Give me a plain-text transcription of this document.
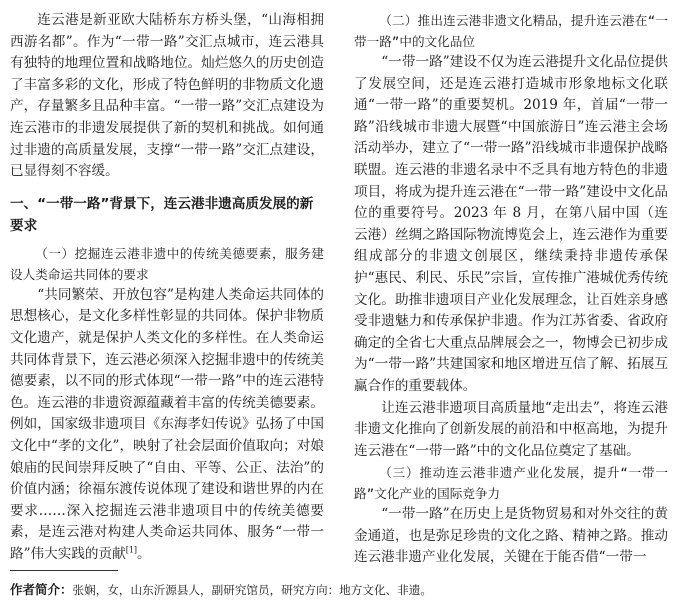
连云港是新亚欧大陆桥东方桥头堡，“山海相拥西游名都”。作为“一带一路”交汇点城市，连云港具有独特的地理位置和战略地位。灿烂悠久的历史创造了丰富多彩的文化，形成了特色鲜明的非物质文化遗产，存量繁多且品种丰富。“一带一路”交汇点建设为连云港市的非遗发展提供了新的契机和挑战。如何通过非遗的高质量发展，支撑“一带一路”交汇点建设，已显得刻不容缓。

一、“一带一路”背景下，连云港非遗高质发展的新要求

（一）挖掘连云港非遗中的传统美德要素，服务建设人类命运共同体的要求

“共同繁荣、开放包容”是构建人类命运共同体的思想核心，是文化多样性彰显的共同体。保护非物质文化遗产，就是保护人类文化的多样性。在人类命运共同体背景下，连云港必须深入挖掘非遗中的传统美德要素，以不同的形式体现“一带一路”中的连云港特色。连云港的非遗资源蕴藏着丰富的传统美德要素。例如，国家级非遗项目《东海孝妇传说》弘扬了中国文化中“孝的文化”，映射了社会层面价值取向；对娘娘庙的民间崇拜反映了“自由、平等、公正、法治”的价值内涵；徐福东渡传说体现了建设和谐世界的内在要求……深入挖掘连云港非遗项目中的传统美德要素，是连云港对构建人类命运共同体、服务“一带一路”伟大实践的贡献[1]。

（二）推出连云港非遗文化精品，提升连云港在“一带一路”中的文化品位

“一带一路”建设不仅为连云港提升文化品位提供了发展空间，还是连云港打造城市形象地标文化联通“一带一路”的重要契机。2019 年，首届“一带一路”沿线城市非遗大展暨“中国旅游日”连云港主会场活动举办，建立了“一带一路”沿线城市非遗保护战略联盟。连云港的非遗名录中不乏具有地方特色的非遗项目，将成为提升连云港在“一带一路”建设中文化品位的重要符号。2023 年 8 月，在第八届中国（连云港）丝绸之路国际物流博览会上，连云港作为重要组成部分的非遗文创展区，继续秉持非遗传承保护“惠民、利民、乐民”宗旨，宣传推广港城优秀传统文化。助推非遗项目产业化发展理念，让百姓亲身感受非遗魅力和传承保护非遗。作为江苏省委、省政府确定的全省七大重点品牌展会之一，物博会已初步成为“一带一路”共建国家和地区增进互信了解、拓展互赢合作的重要载体。

让连云港非遗项目高质量地“走出去”，将连云港非遗文化推向了创新发展的前沿和中枢高地，为提升连云港在“一带一路”中的文化品位奠定了基础。

（三）推动连云港非遗产业化发展，提升“一带一路”文化产业的国际竞争力

“一带一路”在历史上是货物贸易和对外交往的黄金通道，也是弥足珍贵的文化之路、精神之路。推动连云港非遗产业化发展，关键在于能否借“一带一

作者简介：张娴，女，山东沂源县人，副研究馆员，研究方向：地方文化、非遗。
